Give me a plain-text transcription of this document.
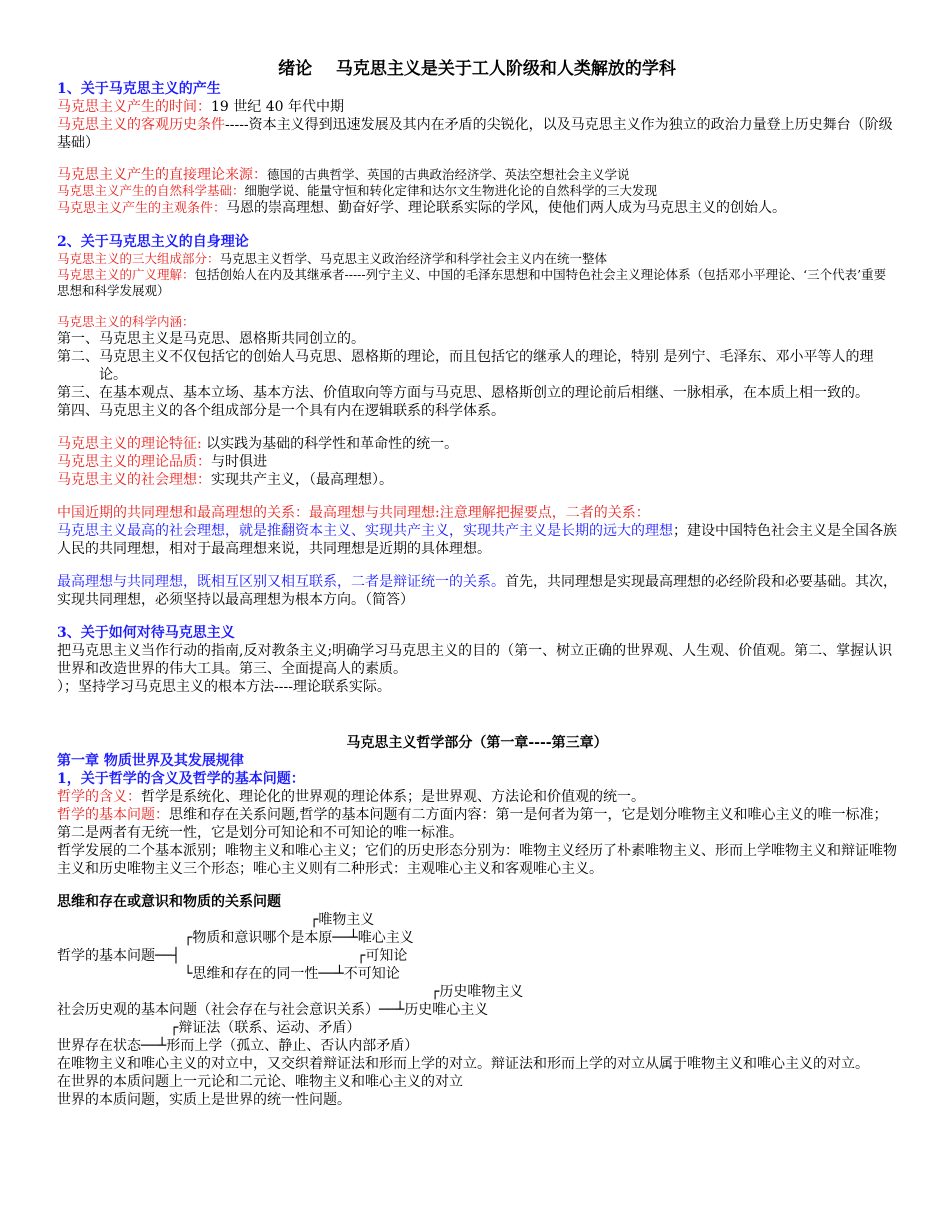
绪论    马克思主义是关于工人阶级和人类解放的学科
1、关于马克思主义的产生
马克思主义产生的时间：19 世纪 40 年代中期
马克思主义的客观历史条件-----资本主义得到迅速发展及其内在矛盾的尖锐化，以及马克思主义作为独立的政治力量登上历史舞台（阶级基础）
马克思主义产生的直接理论来源：德国的古典哲学、英国的古典政治经济学、英法空想社会主义学说
马克思主义产生的自然科学基础：细胞学说、能量守恒和转化定律和达尔文生物进化论的自然科学的三大发现
马克思主义产生的主观条件：马恩的崇高理想、勤奋好学、理论联系实际的学风，使他们两人成为马克思主义的创始人。
2、关于马克思主义的自身理论
马克思主义的三大组成部分：马克思主义哲学、马克思主义政治经济学和科学社会主义内在统一整体
马克思主义的广义理解：包括创始人在内及其继承者-----列宁主义、中国的毛泽东思想和中国特色社会主义理论体系（包括邓小平理论、‘三个代表’重要思想和科学发展观）
马克思主义的科学内涵：
第一、 马克思主义是马克思、恩格斯共同创立的。
第二、 马克思主义不仅包括它的创始人马克思、恩格斯的理论，而且包括它的继承人的理论，特别 是列宁、毛泽东、邓小平等人的理论。
第三、 在基本观点、基本立场、基本方法、价值取向等方面与马克思、恩格斯创立的理论前后相继、一脉相承，在本质上相一致的。
第四、 马克思主义的各个组成部分是一个具有内在逻辑联系的科学体系。
马克思主义的理论特征: 以实践为基础的科学性和革命性的统一。
马克思主义的理论品质：与时俱进
马克思主义的社会理想：实现共产主义，（最高理想）。
中国近期的共同理想和最高理想的关系：最高理想与共同理想:注意理解把握要点，二者的关系：
马克思主义最高的社会理想，就是推翻资本主义、实现共产主义，实现共产主义是长期的远大的理想；建设中国特色社会主义是全国各族人民的共同理想，相对于最高理想来说，共同理想是近期的具体理想。
最高理想与共同理想，既相互区别又相互联系，二者是辩证统一的关系。首先，共同理想是实现最高理想的必经阶段和必要基础。其次，实现共同理想，必须坚持以最高理想为根本方向。（简答）
3、关于如何对待马克思主义
把马克思主义当作行动的指南,反对教条主义;明确学习马克思主义的目的（第一、树立正确的世界观、人生观、价值观。第二、掌握认识世界和改造世界的伟大工具。第三、全面提高人的素质。
）；坚持学习马克思主义的根本方法----理论联系实际。
马克思主义哲学部分（第一章----第三章）
第一章 物质世界及其发展规律
1，关于哲学的含义及哲学的基本问题：
哲学的含义：哲学是系统化、理论化的世界观的理论体系；是世界观、方法论和价值观的统一。
哲学的基本问题：思维和存在关系问题,哲学的基本问题有二方面内容：第一是何者为第一，它是划分唯物主义和唯心主义的唯一标准；第二是两者有无统一性，它是划分可知论和不可知论的唯一标准。
哲学发展的二个基本派别；唯物主义和唯心主义；它们的历史形态分别为：唯物主义经历了朴素唯物主义、形而上学唯物主义和辩证唯物主义和历史唯物主义三个形态；唯心主义则有二种形式：主观唯心主义和客观唯心主义。
思维和存在或意识和物质的关系问题

┌唯物主义

┌物质和意识哪个是本原──┴唯心主义

哲学的基本问题──┤

	┌可知论

└思维和存在的同一性──┴不可知论

┌历史唯物主义

社会历史观的基本问题（社会存在与社会意识关系）──┴历史唯心主义

┌辩证法（联系、运动、矛盾）

世界存在状态──┴形而上学（孤立、静止、否认内部矛盾）

在唯物主义和唯心主义的对立中，又交织着辩证法和形而上学的对立。辩证法和形而上学的对立从属于唯物主义和唯心主义的对立。
在世界的本质问题上一元论和二元论、唯物主义和唯心主义的对立
世界的本质问题，实质上是世界的统一性问题。
